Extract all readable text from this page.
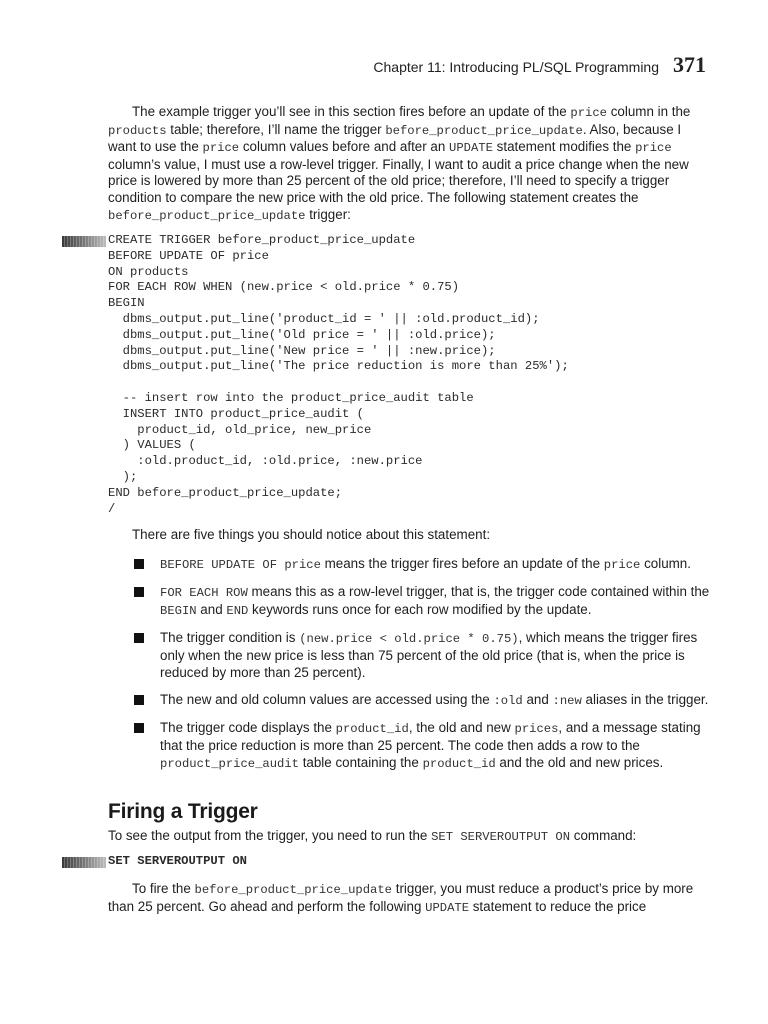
Chapter 11: Introducing PL/SQL Programming 371

The example trigger you’ll see in this section fires before an update of the price column in the products table; therefore, I’ll name the trigger before_product_price_update. Also, because I want to use the price column values before and after an UPDATE statement modifies the price column’s value, I must use a row-level trigger. Finally, I want to audit a price change when the new price is lowered by more than 25 percent of the old price; therefore, I’ll need to specify a trigger condition to compare the new price with the old price. The following statement creates the before_product_price_update trigger:

CREATE TRIGGER before_product_price_update
BEFORE UPDATE OF price
ON products
FOR EACH ROW WHEN (new.price < old.price * 0.75)
BEGIN
dbms_output.put_line('product_id = ' || :old.product_id);
dbms_output.put_line('Old price = ' || :old.price);
dbms_output.put_line('New price = ' || :new.price);
dbms_output.put_line('The price reduction is more than 25%');

-- insert row into the product_price_audit table
INSERT INTO product_price_audit (
product_id, old_price, new_price
) VALUES (
:old.product_id, :old.price, :new.price
);
END before_product_price_update;
/

There are five things you should notice about this statement:

BEFORE UPDATE OF price means the trigger fires before an update of the price column.
FOR EACH ROW means this as a row-level trigger, that is, the trigger code contained within the BEGIN and END keywords runs once for each row modified by the update.
The trigger condition is (new.price < old.price * 0.75), which means the trigger fires only when the new price is less than 75 percent of the old price (that is, when the price is reduced by more than 25 percent).
The new and old column values are accessed using the :old and :new aliases in the trigger.
The trigger code displays the product_id, the old and new prices, and a message stating that the price reduction is more than 25 percent. The code then adds a row to the product_price_audit table containing the product_id and the old and new prices.
Firing a Trigger

To see the output from the trigger, you need to run the SET SERVEROUTPUT ON command:

SET SERVEROUTPUT ON

To fire the before_product_price_update trigger, you must reduce a product’s price by more than 25 percent. Go ahead and perform the following UPDATE statement to reduce the price
